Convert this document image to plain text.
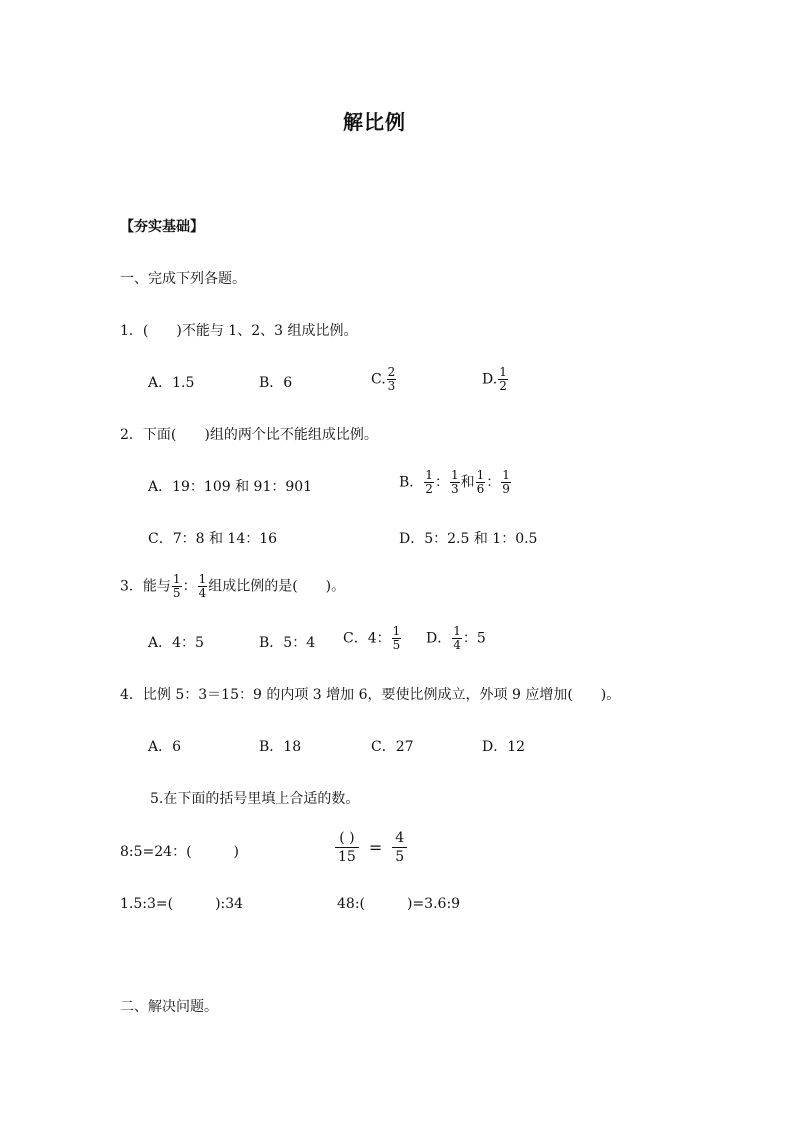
解比例
【夯实基础】
一、完成下列各题。
1．(　　)不能与 1、2、3 组成比例。
A．1.5	B．6	C. $\frac{2}{3}$	D. $\frac{1}{2}$
2．下面(　　)组的两个比不能组成比例。
A．19：109 和 91：901	B． $\frac{1}{2}$ ： $\frac{1}{3}$ 和 $\frac{1}{6}$ ： $\frac{1}{9}$
C．7：8 和 14：16	D．5：2.5 和 1：0.5
3．能与 $\frac{1}{5}$ ： $\frac{1}{4}$ 组成比例的是(　　)。
A．4：5	B．5：4 C．4： $\frac{1}{5}$ D． $\frac{1}{4}$ ：5
4．比例 5：3＝15：9 的内项 3 增加 6，要使比例成立，外项 9 应增加(　　)。
A．6	B．18	C．27	D．12
5.在下面的括号里填上合适的数。
8:5=24：(　　　)	$\frac{( )}{15} = \frac{4}{5}$
1.5:3=(　　　):34	48:(　　　)=3.6:9
二、解决问题。
